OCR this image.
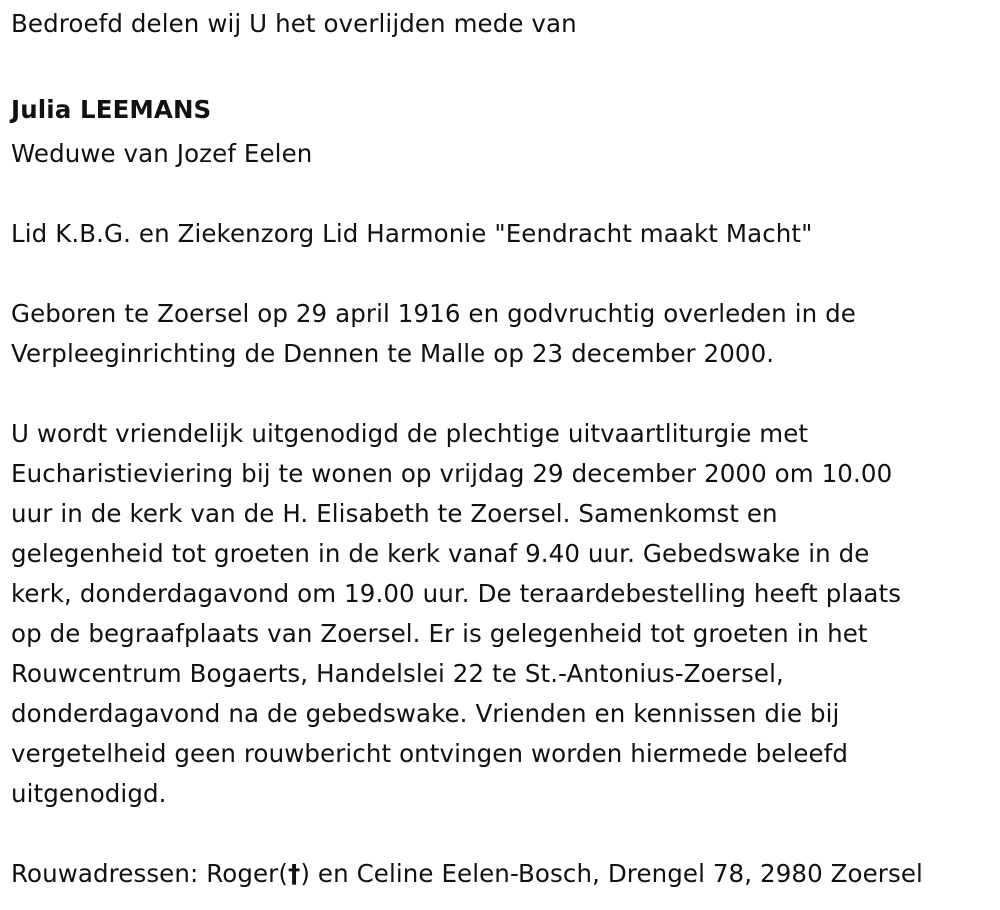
Bedroefd delen wij U het overlijden mede van
Julia LEEMANS
Weduwe van Jozef Eelen
Lid K.B.G. en Ziekenzorg Lid Harmonie "Eendracht maakt Macht"
Geboren te Zoersel op 29 april 1916 en godvruchtig overleden in de
Verpleeginrichting de Dennen te Malle op 23 december 2000.
U wordt vriendelijk uitgenodigd de plechtige uitvaartliturgie met
Eucharistieviering bij te wonen op vrijdag 29 december 2000 om 10.00
uur in de kerk van de H. Elisabeth te Zoersel. Samenkomst en
gelegenheid tot groeten in de kerk vanaf 9.40 uur. Gebedswake in de
kerk, donderdagavond om 19.00 uur. De teraardebestelling heeft plaats
op de begraafplaats van Zoersel. Er is gelegenheid tot groeten in het
Rouwcentrum Bogaerts, Handelslei 22 te St.-Antonius-Zoersel,
donderdagavond na de gebedswake. Vrienden en kennissen die bij
vergetelheid geen rouwbericht ontvingen worden hiermede beleefd
uitgenodigd.
Rouwadressen: Roger(†) en Celine Eelen-Bosch, Drengel 78, 2980 Zoersel
